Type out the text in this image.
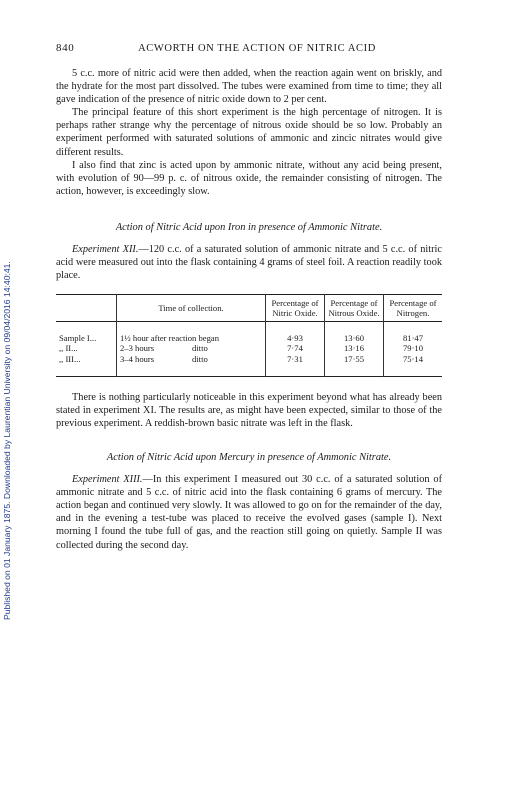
Published on 01 January 1875. Downloaded by Laurentian University on 09/04/2016 14:40:41.
840	ACWORTH ON THE ACTION OF NITRIC ACID

5 c.c. more of nitric acid were then added, when the reaction again went on briskly, and the hydrate for the most part dissolved. The tubes were examined from time to time; they all gave indication of the presence of nitric oxide down to 2 per cent.

The principal feature of this short experiment is the high percentage of nitrogen. It is perhaps rather strange why the percentage of nitrous oxide should be so low. Probably an experiment performed with saturated solutions of ammonic and zincic nitrates would give different results.

I also find that zinc is acted upon by ammonic nitrate, without any acid being present, with evolution of 90—99 p. c. of nitrous oxide, the remainder consisting of nitrogen. The action, however, is exceedingly slow.

Action of Nitric Acid upon Iron in presence of Ammonic Nitrate.

Experiment XII.—120 c.c. of a saturated solution of ammonic nitrate and 5 c.c. of nitric acid were measured out into the flask containing 4 grams of steel foil. A reaction readily took place.

	Time of collection.	Percentage of Nitric Oxide.	Percentage of Nitrous Oxide.	Percentage of Nitrogen.
Sample I...	1½ hour after reaction began	4·93	13·60	81·47
,, II...	2–3 hours ditto	7·74	13·16	79·10
,, III...	3–4 hours ditto	7·31	17·55	75·14

There is nothing particularly noticeable in this experiment beyond what has already been stated in experiment XI. The results are, as might have been expected, similar to those of the previous experiment. A reddish-brown basic nitrate was left in the flask.

Action of Nitric Acid upon Mercury in presence of Ammonic Nitrate.

Experiment XIII.—In this experiment I measured out 30 c.c. of a saturated solution of ammonic nitrate and 5 c.c. of nitric acid into the flask containing 6 grams of mercury. The action began and continued very slowly. It was allowed to go on for the remainder of the day, and in the evening a test-tube was placed to receive the evolved gases (sample I). Next morning I found the tube full of gas, and the reaction still going on quietly. Sample II was collected during the second day.
